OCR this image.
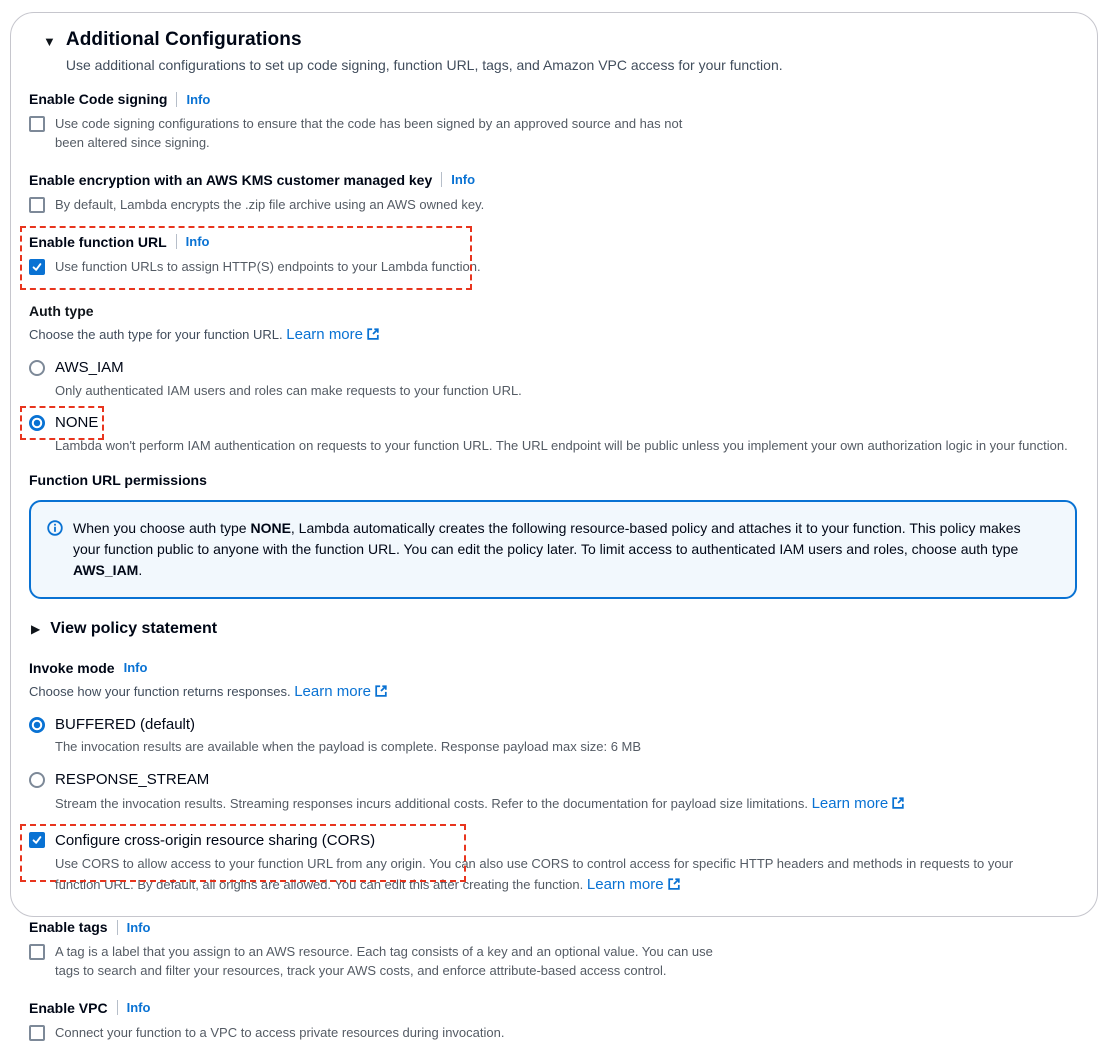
▼ Additional Configurations

Use additional configurations to set up code signing, function URL, tags, and Amazon VPC access for your function.

Enable Code signing Info
Use code signing configurations to ensure that the code has been signed by an approved source and has not been altered since signing.
Enable encryption with an AWS KMS customer managed key Info
By default, Lambda encrypts the .zip file archive using an AWS owned key.
Enable function URL Info
Use function URLs to assign HTTP(S) endpoints to your Lambda function.
Auth type
Choose the auth type for your function URL. Learn more
AWS_IAM
Only authenticated IAM users and roles can make requests to your function URL.
NONE
Lambda won't perform IAM authentication on requests to your function URL. The URL endpoint will be public unless you implement your own authorization logic in your function.
Function URL permissions
When you choose auth type NONE, Lambda automatically creates the following resource-based policy and attaches it to your function. This policy makes your function public to anyone with the function URL. You can edit the policy later. To limit access to authenticated IAM users and roles, choose auth type AWS_IAM.
▶ View policy statement
Invoke mode Info
Choose how your function returns responses. Learn more
BUFFERED (default)
The invocation results are available when the payload is complete. Response payload max size: 6 MB
RESPONSE_STREAM
Stream the invocation results. Streaming responses incurs additional costs. Refer to the documentation for payload size limitations. Learn more
Configure cross-origin resource sharing (CORS)
Use CORS to allow access to your function URL from any origin. You can also use CORS to control access for specific HTTP headers and methods in requests to your function URL. By default, all origins are allowed. You can edit this after creating the function. Learn more
Enable tags Info
A tag is a label that you assign to an AWS resource. Each tag consists of a key and an optional value. You can use tags to search and filter your resources, track your AWS costs, and enforce attribute-based access control.
Enable VPC Info
Connect your function to a VPC to access private resources during invocation.
